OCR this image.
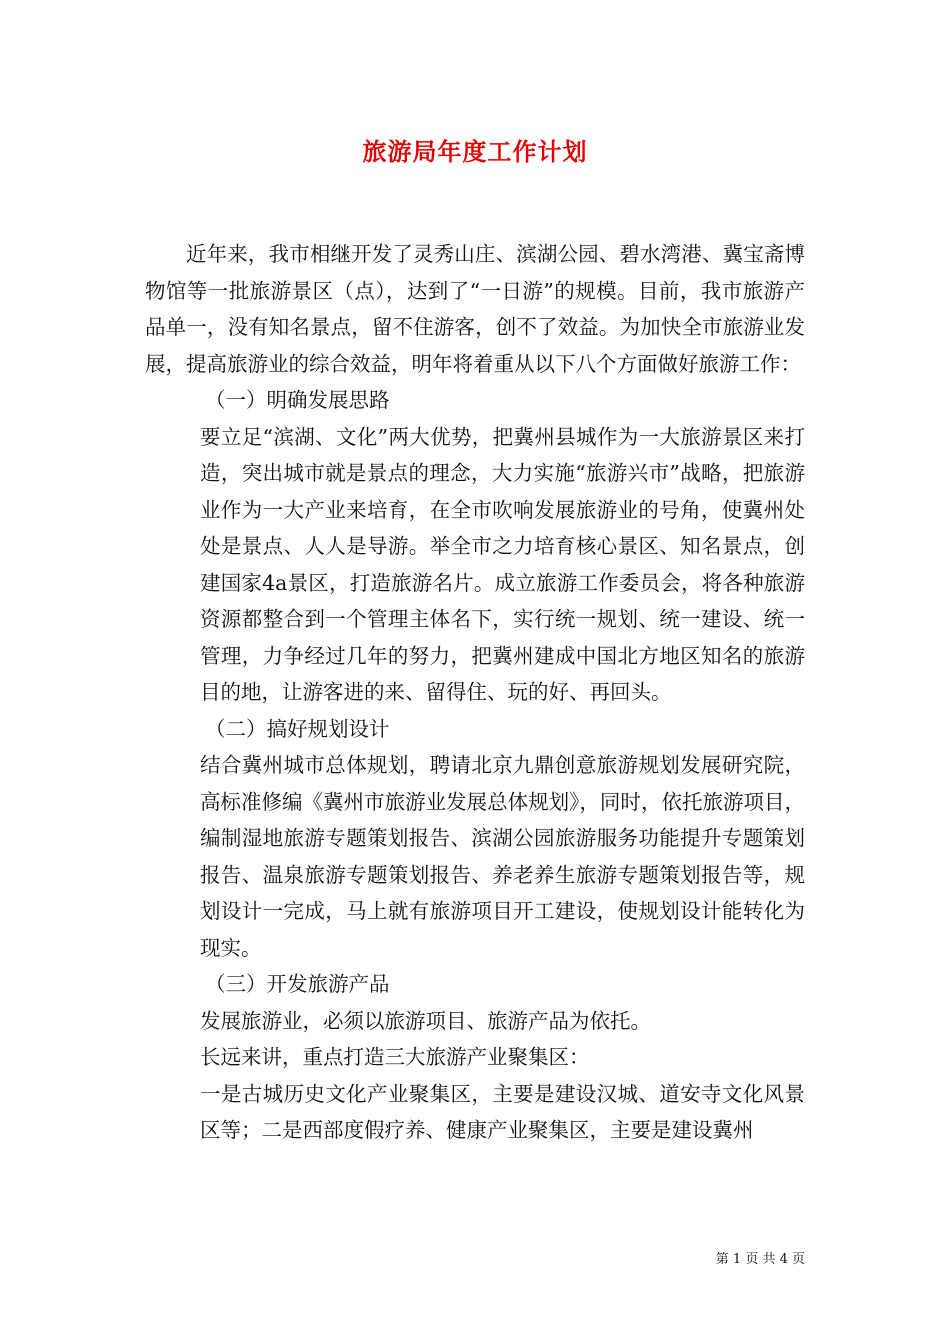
旅游局年度工作计划

近年来，我市相继开发了灵秀山庄、滨湖公园、碧水湾港、冀宝斋博物馆等一批旅游景区（点），达到了“一日游”的规模。目前，我市旅游产品单一，没有知名景点，留不住游客，创不了效益。为加快全市旅游业发展，提高旅游业的综合效益，明年将着重从以下八个方面做好旅游工作：

（一）明确发展思路

要立足“滨湖、文化”两大优势，把冀州县城作为一大旅游景区来打造，突出城市就是景点的理念，大力实施“旅游兴市”战略，把旅游业作为一大产业来培育，在全市吹响发展旅游业的号角，使冀州处处是景点、人人是导游。举全市之力培育核心景区、知名景点，创建国家4a景区，打造旅游名片。成立旅游工作委员会，将各种旅游资源都整合到一个管理主体名下，实行统一规划、统一建设、统一管理，力争经过几年的努力，把冀州建成中国北方地区知名的旅游目的地，让游客进的来、留得住、玩的好、再回头。

（二）搞好规划设计

结合冀州城市总体规划，聘请北京九鼎创意旅游规划发展研究院，高标准修编《冀州市旅游业发展总体规划》，同时，依托旅游项目，编制湿地旅游专题策划报告、滨湖公园旅游服务功能提升专题策划报告、温泉旅游专题策划报告、养老养生旅游专题策划报告等，规划设计一完成，马上就有旅游项目开工建设，使规划设计能转化为现实。

（三）开发旅游产品

发展旅游业，必须以旅游项目、旅游产品为依托。

长远来讲，重点打造三大旅游产业聚集区：

一是古城历史文化产业聚集区，主要是建设汉城、道安寺文化风景区等；二是西部度假疗养、健康产业聚集区，主要是建设冀州

第 1 页 共 4 页
